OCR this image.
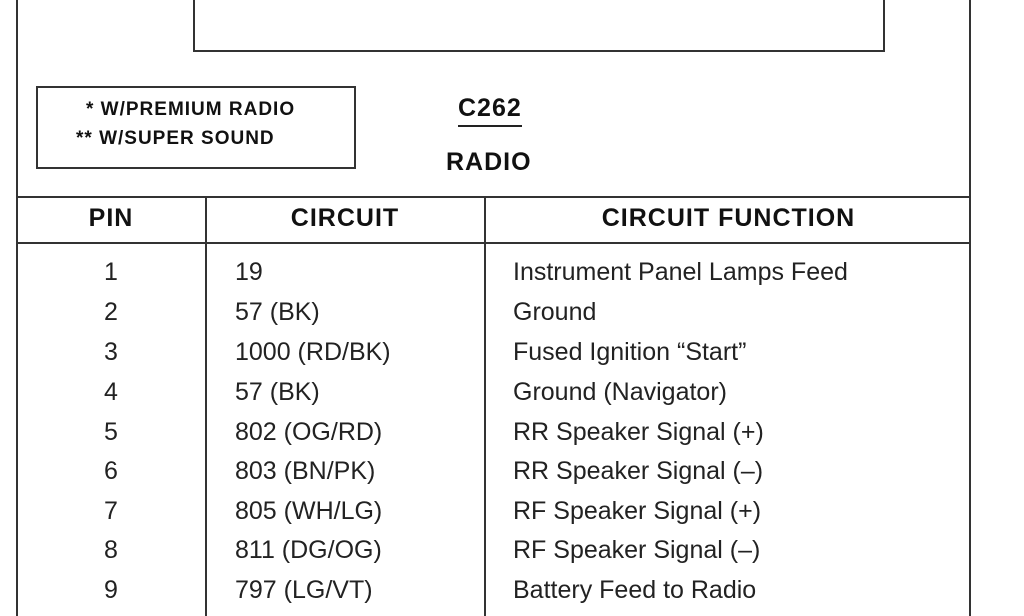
* W/PREMIUM RADIO
** W/SUPER SOUND
C262
RADIO
PIN	CIRCUIT	CIRCUIT FUNCTION
1	19	Instrument Panel Lamps Feed
2	57 (BK)	Ground
3	1000 (RD/BK)	Fused Ignition “Start”
4	57 (BK)	Ground (Navigator)
5	802 (OG/RD)	RR Speaker Signal (+)
6	803 (BN/PK)	RR Speaker Signal (–)
7	805 (WH/LG)	RF Speaker Signal (+)
8	811 (DG/OG)	RF Speaker Signal (–)
9	797 (LG/VT)	Battery Feed to Radio
